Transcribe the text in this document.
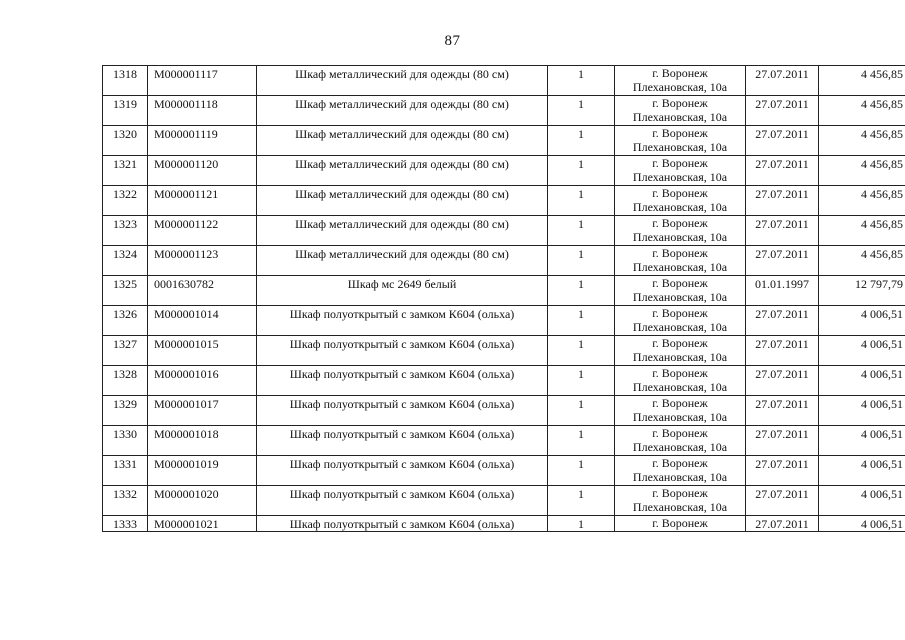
87
1318	М000001117	Шкаф металлический для одежды (80 см)	1	г. Воронеж
Плехановская, 10а	27.07.2011	4 456,85

1319	М000001118	Шкаф металлический для одежды (80 см)	1	г. Воронеж
Плехановская, 10а	27.07.2011	4 456,85

1320	М000001119	Шкаф металлический для одежды (80 см)	1	г. Воронеж
Плехановская, 10а	27.07.2011	4 456,85

1321	М000001120	Шкаф металлический для одежды (80 см)	1	г. Воронеж
Плехановская, 10а	27.07.2011	4 456,85

1322	М000001121	Шкаф металлический для одежды (80 см)	1	г. Воронеж
Плехановская, 10а	27.07.2011	4 456,85

1323	М000001122	Шкаф металлический для одежды (80 см)	1	г. Воронеж
Плехановская, 10а	27.07.2011	4 456,85

1324	М000001123	Шкаф металлический для одежды (80 см)	1	г. Воронеж
Плехановская, 10а	27.07.2011	4 456,85

1325	0001630782	Шкаф мс 2649 белый	1	г. Воронеж
Плехановская, 10а	01.01.1997	12 797,79

1326	М000001014	Шкаф полуоткрытый с замком К604 (ольха)	1	г. Воронеж
Плехановская, 10а	27.07.2011	4 006,51

1327	М000001015	Шкаф полуоткрытый с замком К604 (ольха)	1	г. Воронеж
Плехановская, 10а	27.07.2011	4 006,51

1328	М000001016	Шкаф полуоткрытый с замком К604 (ольха)	1	г. Воронеж
Плехановская, 10а	27.07.2011	4 006,51

1329	М000001017	Шкаф полуоткрытый с замком К604 (ольха)	1	г. Воронеж
Плехановская, 10а	27.07.2011	4 006,51

1330	М000001018	Шкаф полуоткрытый с замком К604 (ольха)	1	г. Воронеж
Плехановская, 10а	27.07.2011	4 006,51

1331	М000001019	Шкаф полуоткрытый с замком К604 (ольха)	1	г. Воронеж
Плехановская, 10а	27.07.2011	4 006,51

1332	М000001020	Шкаф полуоткрытый с замком К604 (ольха)	1	г. Воронеж
Плехановская, 10а	27.07.2011	4 006,51

1333	М000001021	Шкаф полуоткрытый с замком К604 (ольха)	1	г. Воронеж	27.07.2011	4 006,51
